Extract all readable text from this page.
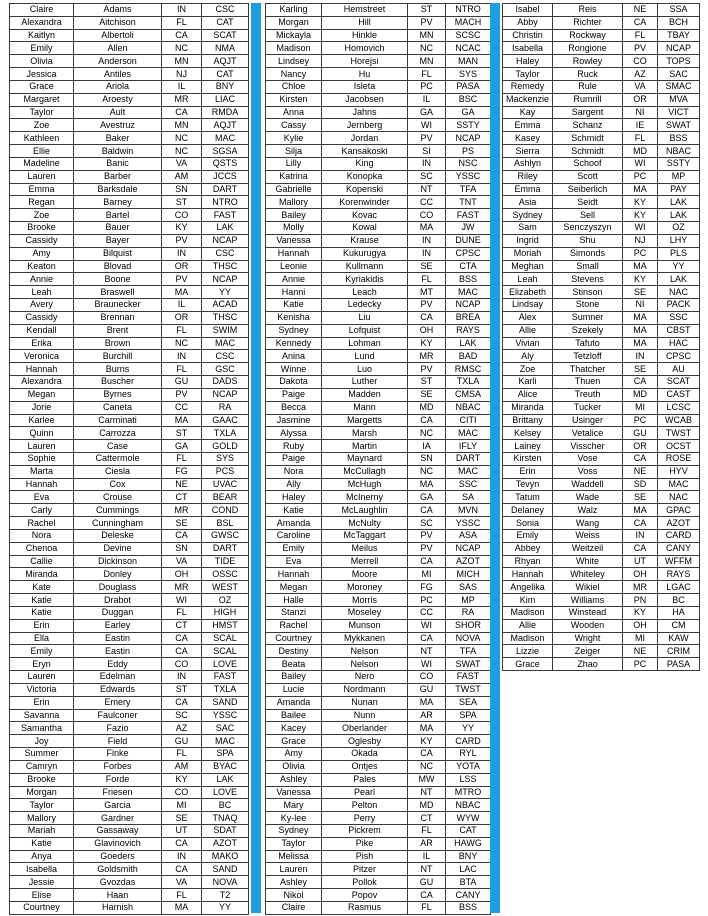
Claire	Adams	IN	CSC
Alexandra	Aitchison	FL	CAT
Kaitlyn	Albertoli	CA	SCAT
Emily	Allen	NC	NMA
Olivia	Anderson	MN	AQJT
Jessica	Antiles	NJ	CAT
Grace	Ariola	IL	BNY
Margaret	Aroesty	MR	LIAC
Taylor	Ault	CA	RMDA
Zoe	Avestruz	MN	AQJT
Kathleen	Baker	NC	MAC
Ellie	Baldwin	NC	SGSA
Madeline	Banic	VA	QSTS
Lauren	Barber	AM	JCCS
Emma	Barksdale	SN	DART
Regan	Barney	ST	NTRO
Zoe	Bartel	CO	FAST
Brooke	Bauer	KY	LAK
Cassidy	Bayer	PV	NCAP
Amy	Bilquist	IN	CSC
Keaton	Blovad	OR	THSC
Annie	Boone	PV	NCAP
Leah	Braswell	MA	YY
Avery	Braunecker	IL	ACAD
Cassidy	Brennan	OR	THSC
Kendall	Brent	FL	SWIM
Erika	Brown	NC	MAC
Veronica	Burchill	IN	CSC
Hannah	Burns	FL	GSC
Alexandra	Buscher	GU	DADS
Megan	Byrnes	PV	NCAP
Jorie	Caneta	CC	RA
Karlee	Carminati	MA	GAAC
Quinn	Carrozza	ST	TXLA
Lauren	Case	GA	GOLD
Sophie	Cattermole	FL	SYS
Marta	Ciesla	FG	PCS
Hannah	Cox	NE	UVAC
Eva	Crouse	CT	BEAR
Carly	Cummings	MR	COND
Rachel	Cunningham	SE	BSL
Nora	Deleske	CA	GWSC
Chenoa	Devine	SN	DART
Callie	Dickinson	VA	TIDE
Miranda	Donley	OH	OSSC
Kate	Douglass	MR	WEST
Katie	Drabot	WI	OZ
Katie	Duggan	FL	HIGH
Erin	Earley	CT	HMST
Ella	Eastin	CA	SCAL
Emily	Eastin	CA	SCAL
Eryn	Eddy	CO	LOVE
Lauren	Edelman	IN	FAST
Victoria	Edwards	ST	TXLA
Erin	Emery	CA	SAND
Savanna	Faulconer	SC	YSSC
Samantha	Fazio	AZ	SAC
Joy	Field	GU	MAC
Summer	Finke	FL	SPA
Camryn	Forbes	AM	BYAC
Brooke	Forde	KY	LAK
Morgan	Friesen	CO	LOVE
Taylor	Garcia	MI	BC
Mallory	Gardner	SE	TNAQ
Mariah	Gassaway	UT	SDAT
Katie	Glavinovich	CA	AZOT
Anya	Goeders	IN	MAKO
Isabella	Goldsmith	CA	SAND
Jessie	Gvozdas	VA	NOVA
Elise	Haan	FL	T2
Courtney	Harnish	MA	YY
Karling	Hemstreet	ST	NTRO
Morgan	Hill	PV	MACH
Mickayla	Hinkle	MN	SCSC
Madison	Homovich	NC	NCAC
Lindsey	Horejsi	MN	MAN
Nancy	Hu	FL	SYS
Chloe	Isleta	PC	PASA
Kirsten	Jacobsen	IL	BSC
Anna	Jahns	GA	GA
Cassy	Jernberg	WI	SSTY
Kylie	Jordan	PV	NCAP
Silja	Kansakoski	SI	PS
Lilly	King	IN	NSC
Katrina	Konopka	SC	YSSC
Gabrielle	Kopenski	NT	TFA
Mallory	Korenwinder	CC	TNT
Bailey	Kovac	CO	FAST
Molly	Kowal	MA	JW
Vanessa	Krause	IN	DUNE
Hannah	Kukurugya	IN	CPSC
Leonie	Kullmann	SE	CTA
Annie	Kyriakidis	FL	BSS
Hanni	Leach	MT	MAC
Katie	Ledecky	PV	NCAP
Kenisha	Liu	CA	BREA
Sydney	Lofquist	OH	RAYS
Kennedy	Lohman	KY	LAK
Anina	Lund	MR	BAD
Winne	Luo	PV	RMSC
Dakota	Luther	ST	TXLA
Paige	Madden	SE	CMSA
Becca	Mann	MD	NBAC
Jasmine	Margetts	CA	CITI
Alyssa	Marsh	NC	MAC
Ruby	Martin	IA	IFLY
Paige	Maynard	SN	DART
Nora	McCullagh	NC	MAC
Ally	McHugh	MA	SSC
Haley	McInerny	GA	SA
Katie	McLaughlin	CA	MVN
Amanda	McNulty	SC	YSSC
Caroline	McTaggart	PV	ASA
Emily	Meilus	PV	NCAP
Eva	Merrell	CA	AZOT
Hannah	Moore	MI	MICH
Megan	Moroney	FG	SAS
Halle	Morris	PC	MP
Stanzi	Moseley	CC	RA
Rachel	Munson	WI	SHOR
Courtney	Mykkanen	CA	NOVA
Destiny	Nelson	NT	TFA
Beata	Nelson	WI	SWAT
Bailey	Nero	CO	FAST
Lucie	Nordmann	GU	TWST
Amanda	Nunan	MA	SEA
Bailee	Nunn	AR	SPA
Kacey	Oberlander	MA	YY
Grace	Oglesby	KY	CARD
Amy	Okada	CA	RYL
Olivia	Ontjes	NC	YOTA
Ashley	Pales	MW	LSS
Vanessa	Pearl	NT	MTRO
Mary	Pelton	MD	NBAC
Ky-lee	Perry	CT	WYW
Sydney	Pickrem	FL	CAT
Taylor	Pike	AR	HAWG
Melissa	Pish	IL	BNY
Lauren	Pitzer	NT	LAC
Ashley	Pollok	GU	BTA
Nikol	Popov	CA	CANY
Claire	Rasmus	FL	BSS
Isabel	Reis	NE	SSA
Abby	Richter	CA	BCH
Christin	Rockway	FL	TBAY
Isabella	Rongione	PV	NCAP
Haley	Rowley	CO	TOPS
Taylor	Ruck	AZ	SAC
Remedy	Rule	VA	SMAC
Mackenzie	Rumrill	OR	MVA
Kay	Sargent	NI	VICT
Emma	Schanz	IE	SWAT
Kasey	Schmidt	FL	BSS
Sierra	Schmidt	MD	NBAC
Ashlyn	Schoof	WI	SSTY
Riley	Scott	PC	MP
Emma	Seiberlich	MA	PAY
Asia	Seidt	KY	LAK
Sydney	Sell	KY	LAK
Sam	Senczyszyn	WI	OZ
Ingrid	Shu	NJ	LHY
Moriah	Simonds	PC	PLS
Meghan	Small	MA	YY
Leah	Stevens	KY	LAK
Elizabeth	Stinson	SE	NAC
Lindsay	Stone	NI	PACK
Alex	Sumner	MA	SSC
Allie	Szekely	MA	CBST
Vivian	Tafuto	MA	HAC
Aly	Tetzloff	IN	CPSC
Zoe	Thatcher	SE	AU
Karli	Thuen	CA	SCAT
Alice	Treuth	MD	CAST
Miranda	Tucker	MI	LCSC
Brittany	Usinger	PC	WCAB
Kelsey	Vetalice	GU	TWST
Lainey	Visscher	OR	OCST
Kirsten	Vose	CA	ROSE
Erin	Voss	NE	HYV
Tevyn	Waddell	SD	MAC
Tatum	Wade	SE	NAC
Delaney	Walz	MA	GPAC
Sonia	Wang	CA	AZOT
Emily	Weiss	IN	CARD
Abbey	Weitzeil	CA	CANY
Rhyan	White	UT	WFFM
Hannah	Whiteley	OH	RAYS
Angelika	Wikiel	MR	LGAC
Kim	Williams	PN	BC
Madison	Winstead	KY	HA
Allie	Wooden	OH	CM
Madison	Wright	MI	KAW
Lizzie	Zeiger	NE	CRIM
Grace	Zhao	PC	PASA
